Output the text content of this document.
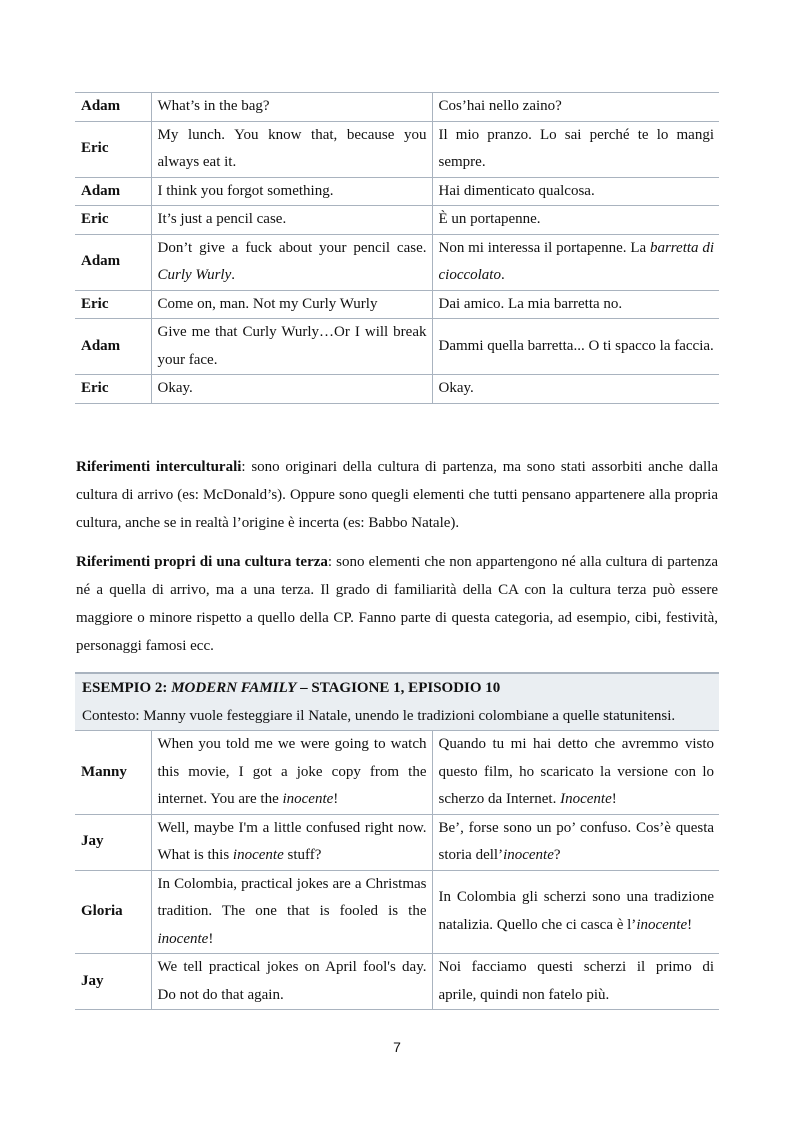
Adam	What’s in the bag?	Cos’hai nello zaino?
Eric	My lunch. You know that, because you always eat it.	Il mio pranzo. Lo sai perché te lo mangi sempre.
Adam	I think you forgot something.	Hai dimenticato qualcosa.
Eric	It’s just a pencil case.	È un portapenne.
Adam	Don’t give a fuck about your pencil case. Curly Wurly.	Non mi interessa il portapenne. La barretta di cioccolato.
Eric	Come on, man. Not my Curly Wurly	Dai amico. La mia barretta no.
Adam	Give me that Curly Wurly…Or I will break your face.	Dammi quella barretta... O ti spacco la faccia.
Eric	Okay.	Okay.

Riferimenti interculturali: sono originari della cultura di partenza, ma sono stati assorbiti anche dalla cultura di arrivo (es: McDonald’s). Oppure sono quegli elementi che tutti pensano appartenere alla propria cultura, anche se in realtà l’origine è incerta (es: Babbo Natale).

Riferimenti propri di una cultura terza: sono elementi che non appartengono né alla cultura di partenza né a quella di arrivo, ma a una terza. Il grado di familiarità della CA con la cultura terza può essere maggiore o minore rispetto a quello della CP. Fanno parte di questa categoria, ad esempio, cibi, festività, personaggi famosi ecc.

ESEMPIO 2: MODERN FAMILY – STAGIONE 1, EPISODIO 10
Contesto: Manny vuole festeggiare il Natale, unendo le tradizioni colombiane a quelle statunitensi.		

Manny	When you told me we were going to watch this movie, I got a joke copy from the internet. You are the inocente!	Quando tu mi hai detto che avremmo visto questo film, ho scaricato la versione con lo scherzo da Internet. Inocente!
Jay	Well, maybe I'm a little confused right now. What is this inocente stuff?	Be’, forse sono un po’ confuso. Cos’è questa storia dell’inocente?
Gloria	In Colombia, practical jokes are a Christmas tradition. The one that is fooled is the inocente!	In Colombia gli scherzi sono una tradizione natalizia. Quello che ci casca è l’inocente!
Jay	We tell practical jokes on April fool's day. Do not do that again.	Noi facciamo questi scherzi il primo di aprile, quindi non fatelo più.
7
